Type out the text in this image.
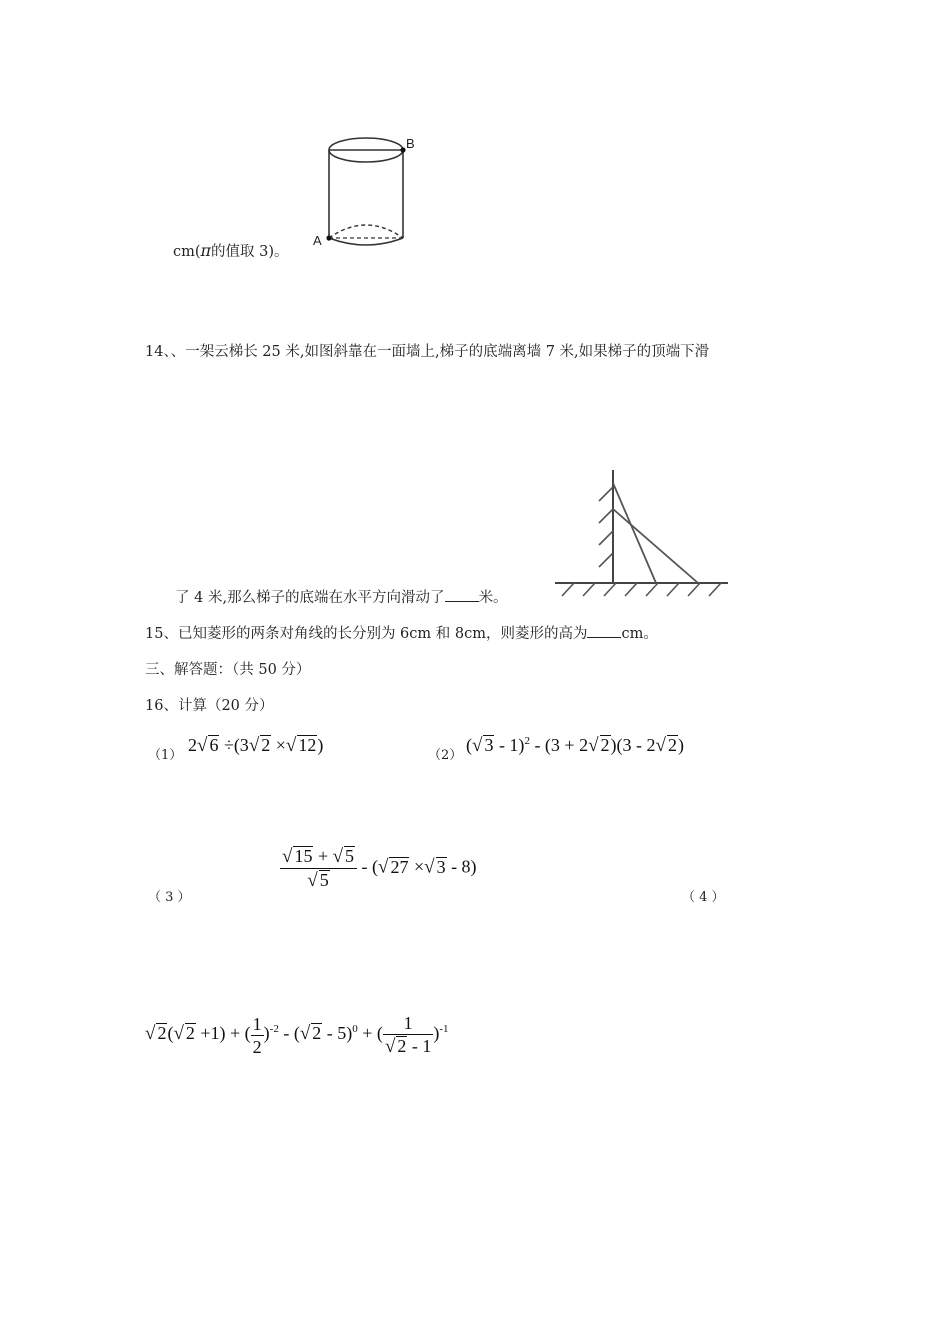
A
B
cm(π的值取 3)。
14、、一架云梯长 25 米,如图斜靠在一面墙上,梯子的底端离墙 7 米,如果梯子的顶端下滑
了 4 米,那么梯子的底端在水平方向滑动了 米。
15、已知菱形的两条对角线的长分别为 6cm 和 8cm，则菱形的高为 cm。
三、解答题：（共 50 分）
16、计算（20 分）
（1）
2√ 6 ÷(3√ 2 ×√ 12)
（2）
(√ 3 - 1)$^2$ - (3 + 2√ 2)(3 - 2√ 2)
（ 3 ）
$\frac{√ 15 + √ 5}{√ 5}$ - (√ 27 ×√ 3 - 8)
（ 4 ）
√ 2(√ 2 +1) + ( $\frac{1}{2} )^{-2}$ - (√ 2 - 5)$^0$ + ( $\frac{1}{√ 2 - 1} )^{-1}$
